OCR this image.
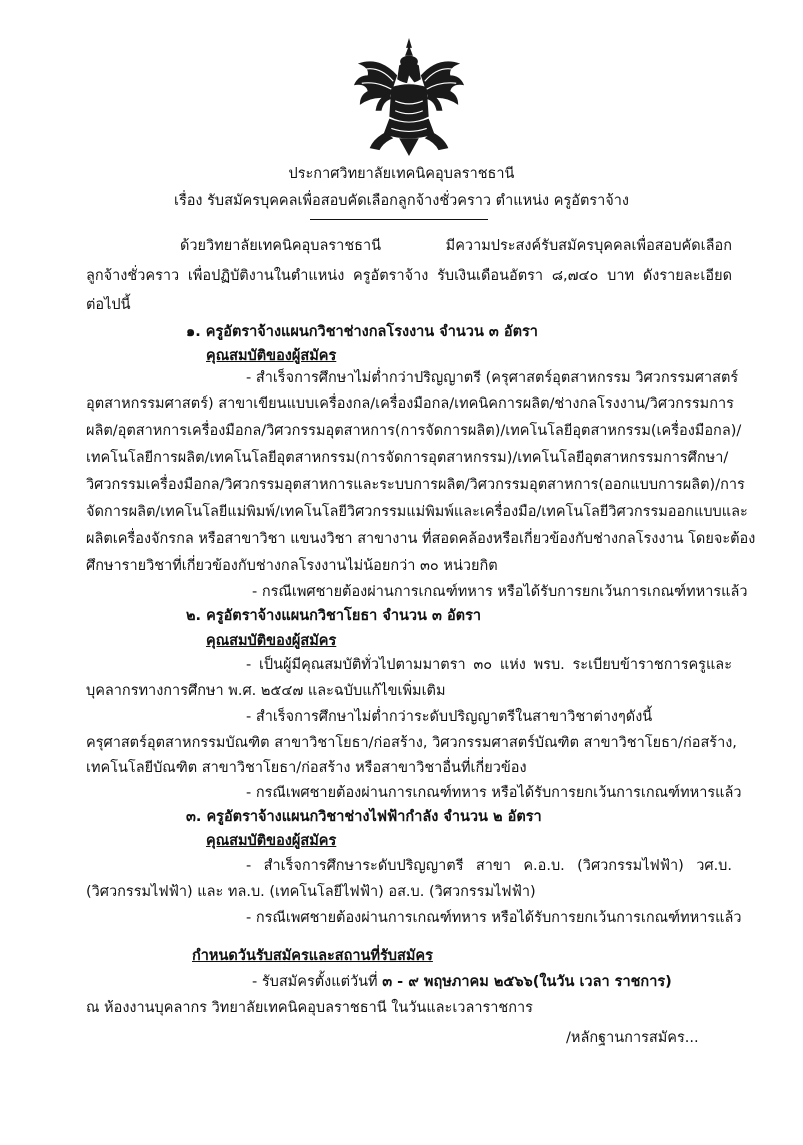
ประกาศวิทยาลัยเทคนิคอุบลราชธานี
เรื่อง รับสมัครบุคคลเพื่อสอบคัดเลือกลูกจ้างชั่วคราว ตำแหน่ง ครูอัตราจ้าง
ด้วยวิทยาลัยเทคนิคอุบลราชธานี มีความประสงค์รับสมัครบุคคลเพื่อสอบคัดเลือก
ลูกจ้างชั่วคราว เพื่อปฏิบัติงานในตำแหน่ง ครูอัตราจ้าง รับเงินเดือนอัตรา ๘,๗๔๐ บาท ดังรายละเอียด
ต่อไปนี้
๑. ครูอัตราจ้างแผนกวิชาช่างกลโรงงาน จำนวน ๓ อัตรา
คุณสมบัติของผู้สมัคร
- สำเร็จการศึกษาไม่ต่ำกว่าปริญญาตรี (ครุศาสตร์อุตสาหกรรม วิศวกรรมศาสตร์
อุตสาหกรรมศาสตร์) สาขาเขียนแบบเครื่องกล/เครื่องมือกล/เทคนิคการผลิต/ช่างกลโรงงาน/วิศวกรรมการ
ผลิต/อุตสาหการเครื่องมือกล/วิศวกรรมอุตสาหการ(การจัดการผลิต)/เทคโนโลยีอุตสาหกรรม(เครื่องมือกล)/
เทคโนโลยีการผลิต/เทคโนโลยีอุตสาหกรรม(การจัดการอุตสาหกรรม)/เทคโนโลยีอุตสาหกรรมการศึกษา/
วิศวกรรมเครื่องมือกล/วิศวกรรมอุตสาหการและระบบการผลิต/วิศวกรรมอุตสาหการ(ออกแบบการผลิต)/การ
จัดการผลิต/เทคโนโลยีแม่พิมพ์/เทคโนโลยีวิศวกรรมแม่พิมพ์และเครื่องมือ/เทคโนโลยีวิศวกรรมออกแบบและ
ผลิตเครื่องจักรกล หรือสาขาวิชา แขนงวิชา สาขางาน ที่สอดคล้องหรือเกี่ยวข้องกับช่างกลโรงงาน โดยจะต้อง
ศึกษารายวิชาที่เกี่ยวข้องกับช่างกลโรงงานไม่น้อยกว่า ๓๐ หน่วยกิต
- กรณีเพศชายต้องผ่านการเกณฑ์ทหาร หรือได้รับการยกเว้นการเกณฑ์ทหารแล้ว
๒. ครูอัตราจ้างแผนกวิชาโยธา จำนวน ๓ อัตรา
คุณสมบัติของผู้สมัคร
- เป็นผู้มีคุณสมบัติทั่วไปตามมาตรา ๓๐ แห่ง พรบ. ระเบียบข้าราชการครูและ
บุคลากรทางการศึกษา พ.ศ. ๒๕๔๗ และฉบับแก้ไขเพิ่มเติม
- สำเร็จการศึกษาไม่ต่ำกว่าระดับปริญญาตรีในสาขาวิชาต่างๆดังนี้
ครุศาสตร์อุตสาหกรรมบัณฑิต สาขาวิชาโยธา/ก่อสร้าง, วิศวกรรมศาสตร์บัณฑิต สาขาวิชาโยธา/ก่อสร้าง,
เทคโนโลยีบัณฑิต สาขาวิชาโยธา/ก่อสร้าง หรือสาขาวิชาอื่นที่เกี่ยวข้อง
- กรณีเพศชายต้องผ่านการเกณฑ์ทหาร หรือได้รับการยกเว้นการเกณฑ์ทหารแล้ว
๓. ครูอัตราจ้างแผนกวิชาช่างไฟฟ้ากำลัง จำนวน ๒ อัตรา
คุณสมบัติของผู้สมัคร
- สำเร็จการศึกษาระดับปริญญาตรี สาขา ค.อ.บ. (วิศวกรรมไฟฟ้า) วศ.บ.
(วิศวกรรมไฟฟ้า) และ ทล.บ. (เทคโนโลยีไฟฟ้า) อส.บ. (วิศวกรรมไฟฟ้า)
- กรณีเพศชายต้องผ่านการเกณฑ์ทหาร หรือได้รับการยกเว้นการเกณฑ์ทหารแล้ว
กำหนดวันรับสมัครและสถานที่รับสมัคร
- รับสมัครตั้งแต่วันที่ ๓ - ๙ พฤษภาคม ๒๕๖๖(ในวัน เวลา ราชการ)
ณ ห้องงานบุคลากร วิทยาลัยเทคนิคอุบลราชธานี ในวันและเวลาราชการ
/หลักฐานการสมัคร...
